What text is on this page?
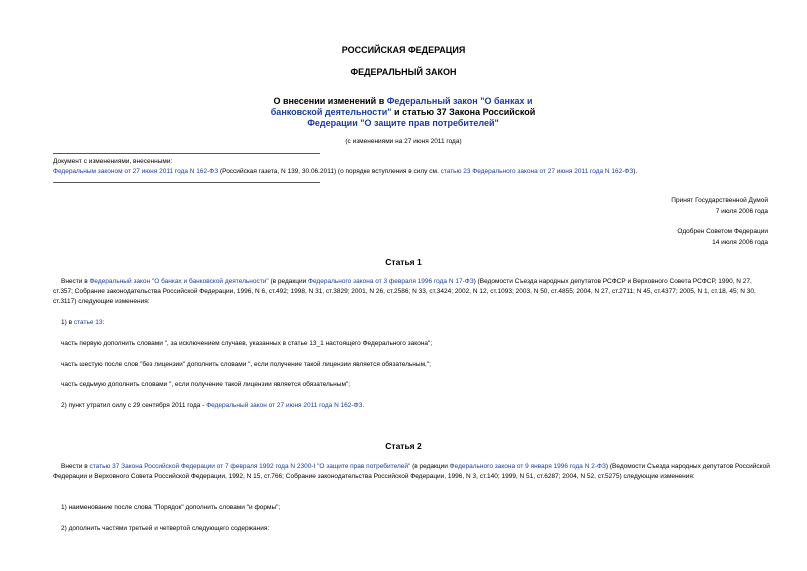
РОССИЙСКАЯ ФЕДЕРАЦИЯ
ФЕДЕРАЛЬНЫЙ ЗАКОН
О внесении изменений в Федеральный закон "О банках и банковской деятельности" и статью 37 Закона Российской Федерации "О защите прав потребителей"
(с изменениями на 27 июня 2011 года)
Документ с изменениями, внесенными:
Федеральным законом от 27 июня 2011 года N 162-ФЗ (Российская газета, N 139, 30.06.2011) (о порядке вступления в силу см. статью 23 Федерального закона от 27 июня 2011 года N 162-ФЗ).
Принят Государственной Думой
7 июля 2006 года
Одобрен Советом Федерации
14 июля 2006 года
Статья 1
Внести в Федеральный закон "О банках и банковской деятельности" (в редакции Федерального закона от 3 февраля 1996 года N 17-ФЗ) (Ведомости Съезда народных депутатов РСФСР и Верховного Совета РСФСР, 1990, N 27, ст.357; Собрание законодательства Российской Федерации, 1996, N 6, ст.492; 1998, N 31, ст.3829; 2001, N 26, ст.2586; N 33, ст.3424; 2002, N 12, ст.1093; 2003, N 50, ст.4855; 2004, N 27, ст.2711; N 45, ст.4377; 2005, N 1, ст.18, 45; N 30, ст.3117) следующие изменения:
1) в статье 13:
часть первую дополнить словами ", за исключением случаев, указанных в статье 13_1 настоящего Федерального закона";
часть шестую после слов "без лицензии" дополнить словами ", если получение такой лицензии является обязательным,";
часть седьмую дополнить словами ", если получение такой лицензии является обязательным";
2) пункт утратил силу с 29 сентября 2011 года - Федеральный закон от 27 июня 2011 года N 162-ФЗ.
Статья 2
Внести в статью 37 Закона Российской Федерации от 7 февраля 1992 года N 2300-I "О защите прав потребителей" (в редакции Федерального закона от 9 января 1996 года N 2-ФЗ) (Ведомости Съезда народных депутатов Российской Федерации и Верховного Совета Российской Федерации, 1992, N 15, ст.766; Собрание законодательства Российской Федерации, 1996, N 3, ст.140; 1999, N 51, ст.6287; 2004, N 52, ст.5275) следующие изменения:
1) наименование после слова "Порядок" дополнить словами "и формы";
2) дополнить частями третьей и четвертой следующего содержания:
